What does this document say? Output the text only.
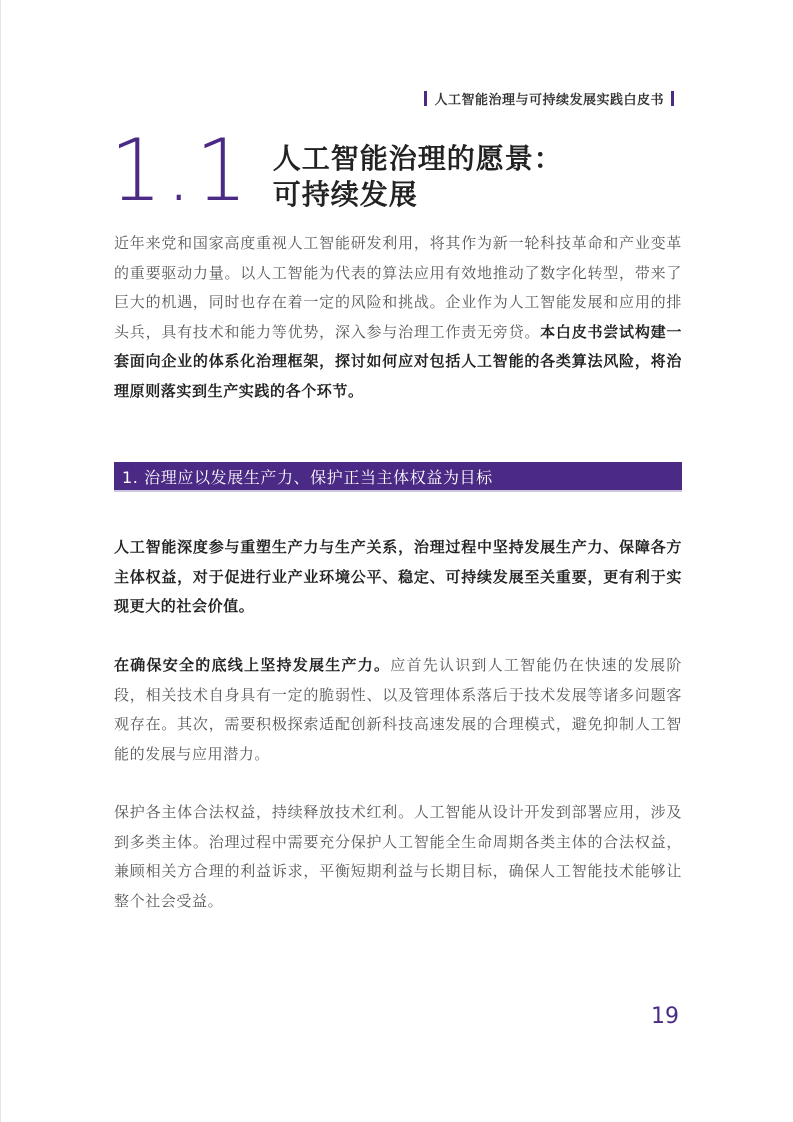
人工智能治理与可持续发展实践白皮书
1.1 人工智能治理的愿景：
可持续发展

近年来党和国家高度重视人工智能研发利用，将其作为新一轮科技革命和产业变革的重要驱动力量。以人工智能为代表的算法应用有效地推动了数字化转型，带来了巨大的机遇，同时也存在着一定的风险和挑战。企业作为人工智能发展和应用的排头兵，具有技术和能力等优势，深入参与治理工作责无旁贷。本白皮书尝试构建一套面向企业的体系化治理框架，探讨如何应对包括人工智能的各类算法风险，将治理原则落实到生产实践的各个环节。

1. 治理应以发展生产力、保护正当主体权益为目标

人工智能深度参与重塑生产力与生产关系，治理过程中坚持发展生产力、保障各方主体权益，对于促进行业产业环境公平、稳定、可持续发展至关重要，更有利于实现更大的社会价值。

在确保安全的底线上坚持发展生产力。应首先认识到人工智能仍在快速的发展阶段，相关技术自身具有一定的脆弱性、以及管理体系落后于技术发展等诸多问题客观存在。其次，需要积极探索适配创新科技高速发展的合理模式，避免抑制人工智能的发展与应用潜力。

保护各主体合法权益，持续释放技术红利。人工智能从设计开发到部署应用，涉及到多类主体。治理过程中需要充分保护人工智能全生命周期各类主体的合法权益，兼顾相关方合理的利益诉求，平衡短期利益与长期目标，确保人工智能技术能够让整个社会受益。

19
